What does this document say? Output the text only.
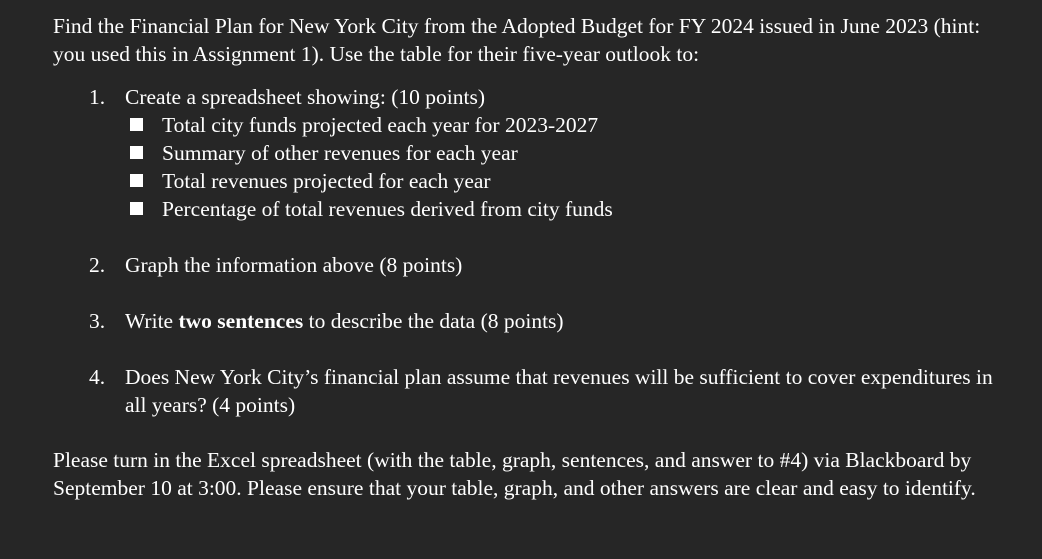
Find the Financial Plan for New York City from the Adopted Budget for FY 2024 issued in June 2023 (hint: you used this in Assignment 1). Use the table for their five-year outlook to:

1. Create a spreadsheet showing: (10 points)
Total city funds projected each year for 2023-2027
Summary of other revenues for each year
Total revenues projected for each year
Percentage of total revenues derived from city funds
2. Graph the information above (8 points)
3. Write two sentences to describe the data (8 points)
4. Does New York City’s financial plan assume that revenues will be sufficient to cover expenditures in all years? (4 points)

Please turn in the Excel spreadsheet (with the table, graph, sentences, and answer to #4) via Blackboard by September 10 at 3:00. Please ensure that your table, graph, and other answers are clear and easy to identify.
